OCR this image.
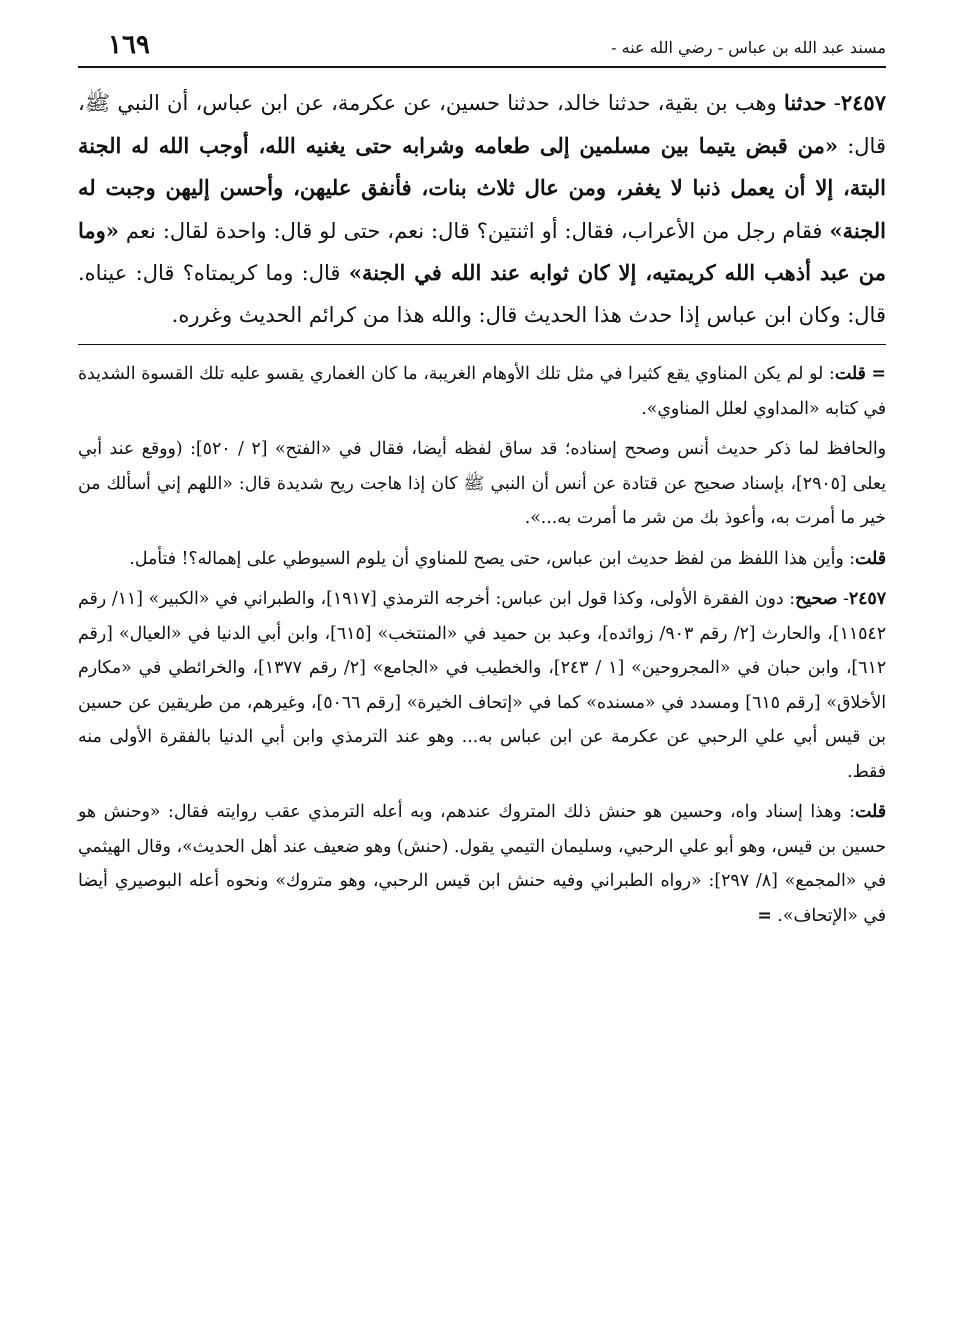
١٦٩	مسند عبد الله بن عباس - رضي الله عنه -
٢٤٥٧- حدثنا وهب بن بقية، حدثنا خالد، حدثنا حسين، عن عكرمة، عن ابن عباس، أن النبي ﷺ، قال: «من قبض يتيما بين مسلمين إلى طعامه وشرابه حتى يغنيه الله، أوجب الله له الجنة البتة، إلا أن يعمل ذنبا لا يغفر، ومن عال ثلاث بنات، فأنفق عليهن، وأحسن إليهن وجبت له الجنة» فقام رجل من الأعراب، فقال: أو اثنتين؟ قال: نعم، حتى لو قال: واحدة لقال: نعم «وما من عبد أذهب الله كريمتيه، إلا كان ثوابه عند الله في الجنة» قال: وما كريمتاه؟ قال: عيناه. قال: وكان ابن عباس إذا حدث هذا الحديث قال: والله هذا من كرائم الحديث وغرره.

= قلت: لو لم يكن المناوي يقع كثيرا في مثل تلك الأوهام الغريبة، ما كان الغماري يقسو عليه تلك القسوة الشديدة في كتابه «المداوي لعلل المناوي».

والحافظ لما ذكر حديث أنس وصحح إسناده؛ قد ساق لفظه أيضا، فقال في «الفتح» [٢ / ٥٢٠]: (ووقع عند أبي يعلى [٢٩٠٥]، بإسناد صحيح عن قتادة عن أنس أن النبي ﷺ كان إذا هاجت ريح شديدة قال: «اللهم إني أسألك من خير ما أمرت به، وأعوذ بك من شر ما أمرت به...».

قلت: وأين هذا اللفظ من لفظ حديث ابن عباس، حتى يصح للمناوي أن يلوم السيوطي على إهماله؟! فتأمل.

٢٤٥٧- صحيح: دون الفقرة الأولى، وكذا قول ابن عباس: أخرجه الترمذي [١٩١٧]، والطبراني في «الكبير» [١١/ رقم ١١٥٤٢]، والحارث [٢/ رقم ٩٠٣/ زوائده]، وعبد بن حميد في «المنتخب» [٦١٥]، وابن أبي الدنيا في «العيال» [رقم ٦١٢]، وابن حبان في «المجروحين» [١ / ٢٤٣]، والخطيب في «الجامع» [٢/ رقم ١٣٧٧]، والخرائطي في «مكارم الأخلاق» [رقم ٦١٥] ومسدد في «مسنده» كما في «إتحاف الخيرة» [رقم ٥٠٦٦]، وغيرهم، من طريقين عن حسين بن قيس أبي علي الرحبي عن عكرمة عن ابن عباس به... وهو عند الترمذي وابن أبي الدنيا بالفقرة الأولى منه فقط.

قلت: وهذا إسناد واه، وحسين هو حنش ذلك المتروك عندهم، وبه أعله الترمذي عقب روايته فقال: «وحنش هو حسين بن قيس، وهو أبو علي الرحبي، وسليمان التيمي يقول. (حنش) وهو ضعيف عند أهل الحديث»، وقال الهيثمي في «المجمع» [٨/ ٢٩٧]: «رواه الطبراني وفيه حنش ابن قيس الرحبي، وهو متروك» ونحوه أعله البوصيري أيضا في «الإتحاف». =
